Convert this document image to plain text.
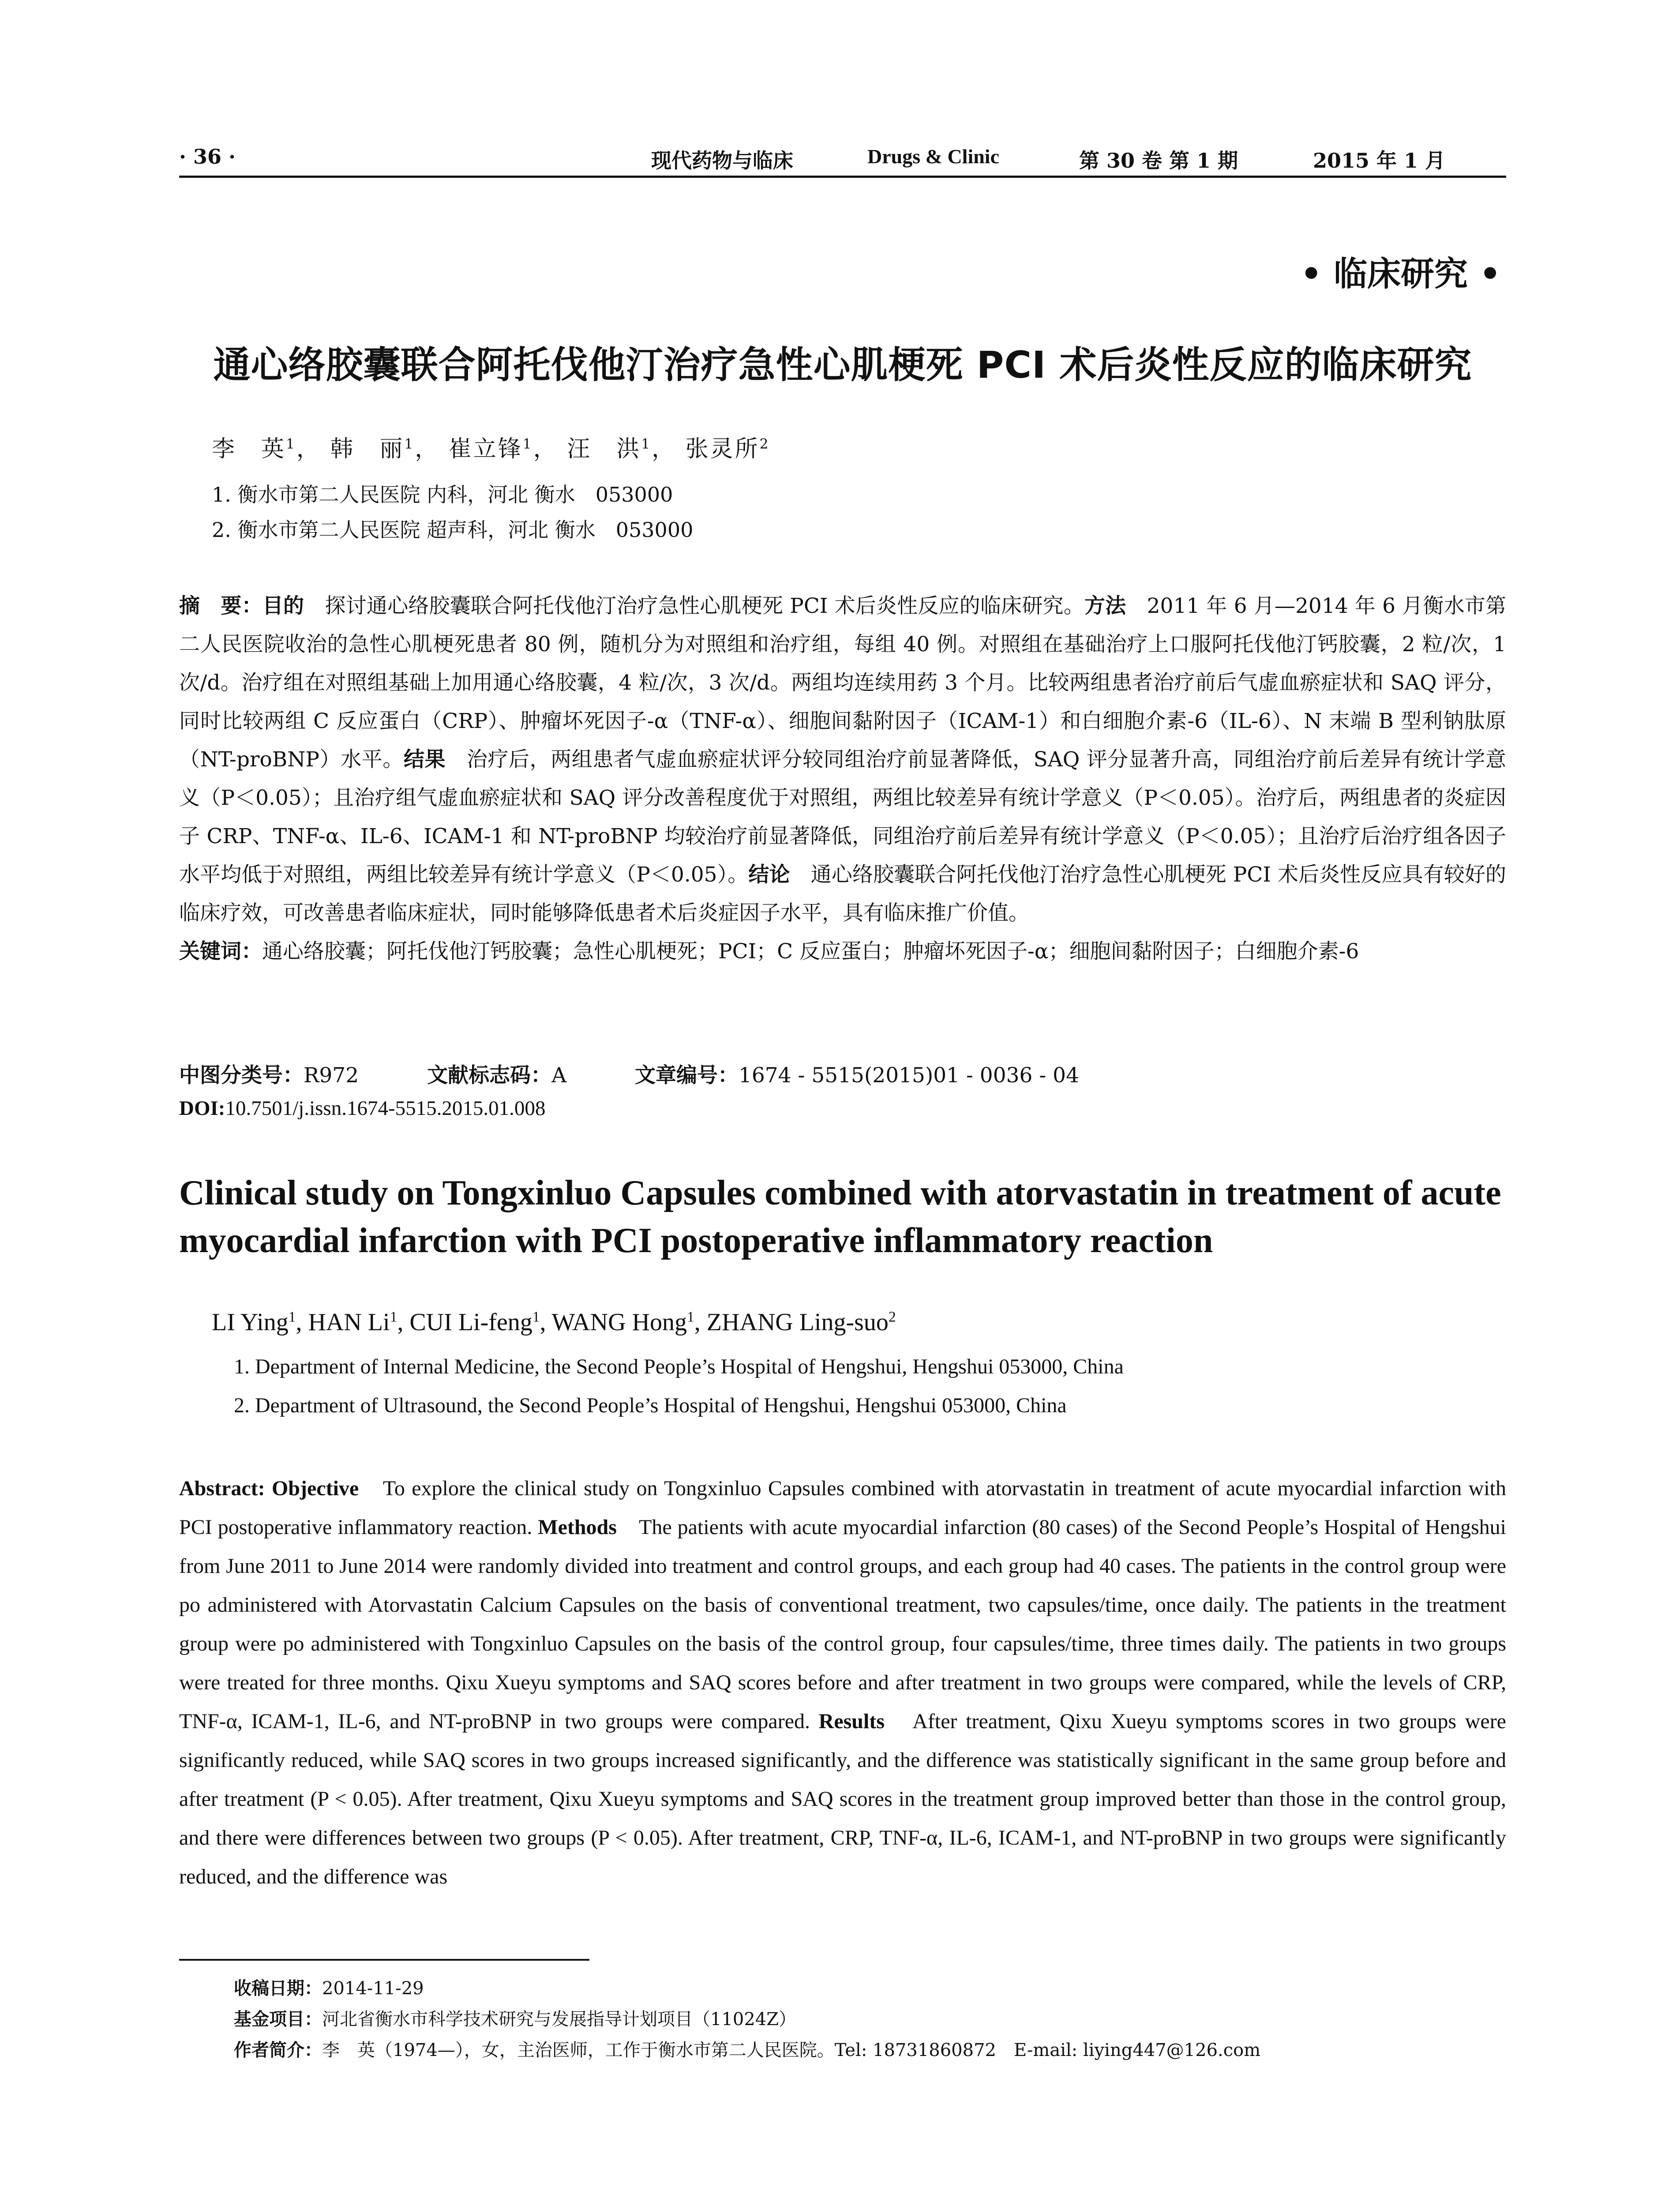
· 36 ·	现代药物与临床	Drugs & Clinic	第 30 卷 第 1 期	2015 年 1 月
• 临床研究 •
通心络胶囊联合阿托伐他汀治疗急性心肌梗死 PCI 术后炎性反应的临床研究
李　英$^1$， 韩　丽$^1$， 崔立锋$^1$， 汪　洪$^1$， 张灵所$^2$
1. 衡水市第二人民医院 内科，河北 衡水　053000
2. 衡水市第二人民医院 超声科，河北 衡水　053000
摘　要：目的　探讨通心络胶囊联合阿托伐他汀治疗急性心肌梗死 PCI 术后炎性反应的临床研究。方法　2011 年 6 月—2014 年 6 月衡水市第二人民医院收治的急性心肌梗死患者 80 例，随机分为对照组和治疗组，每组 40 例。对照组在基础治疗上口服阿托伐他汀钙胶囊，2 粒/次，1 次/d。治疗组在对照组基础上加用通心络胶囊，4 粒/次，3 次/d。两组均连续用药 3 个月。比较两组患者治疗前后气虚血瘀症状和 SAQ 评分，同时比较两组 C 反应蛋白（CRP）、肿瘤坏死因子-α（TNF-α）、细胞间黏附因子（ICAM-1）和白细胞介素-6（IL-6）、N 末端 B 型利钠肽原（NT-proBNP）水平。结果　治疗后，两组患者气虚血瘀症状评分较同组治疗前显著降低，SAQ 评分显著升高，同组治疗前后差异有统计学意义（P＜0.05）；且治疗组气虚血瘀症状和 SAQ 评分改善程度优于对照组，两组比较差异有统计学意义（P＜0.05）。治疗后，两组患者的炎症因子 CRP、TNF-α、IL-6、ICAM-1 和 NT-proBNP 均较治疗前显著降低，同组治疗前后差异有统计学意义（P＜0.05）；且治疗后治疗组各因子水平均低于对照组，两组比较差异有统计学意义（P＜0.05）。结论　通心络胶囊联合阿托伐他汀治疗急性心肌梗死 PCI 术后炎性反应具有较好的临床疗效，可改善患者临床症状，同时能够降低患者术后炎症因子水平，具有临床推广价值。
关键词：通心络胶囊；阿托伐他汀钙胶囊；急性心肌梗死；PCI；C 反应蛋白；肿瘤坏死因子-α；细胞间黏附因子；白细胞介素-6
中图分类号：R972	文献标志码：A	文章编号：1674 - 5515(2015)01 - 0036 - 04
DOI:10.7501/j.issn.1674-5515.2015.01.008
Clinical study on Tongxinluo Capsules combined with atorvastatin in treatment of acute myocardial infarction with PCI postoperative inflammatory reaction
LI Ying$^1$, HAN Li$^1$, CUI Li-feng$^1$, WANG Hong$^1$, ZHANG Ling-suo$^2$
1. Department of Internal Medicine, the Second People’s Hospital of Hengshui, Hengshui 053000, China
2. Department of Ultrasound, the Second People’s Hospital of Hengshui, Hengshui 053000, China
Abstract: Objective　To explore the clinical study on Tongxinluo Capsules combined with atorvastatin in treatment of acute myocardial infarction with PCI postoperative inflammatory reaction. Methods　The patients with acute myocardial infarction (80 cases) of the Second People’s Hospital of Hengshui from June 2011 to June 2014 were randomly divided into treatment and control groups, and each group had 40 cases. The patients in the control group were po administered with Atorvastatin Calcium Capsules on the basis of conventional treatment, two capsules/time, once daily. The patients in the treatment group were po administered with Tongxinluo Capsules on the basis of the control group, four capsules/time, three times daily. The patients in two groups were treated for three months. Qixu Xueyu symptoms and SAQ scores before and after treatment in two groups were compared, while the levels of CRP, TNF-α, ICAM-1, IL-6, and NT-proBNP in two groups were compared. Results　After treatment, Qixu Xueyu symptoms scores in two groups were significantly reduced, while SAQ scores in two groups increased significantly, and the difference was statistically significant in the same group before and after treatment (P < 0.05). After treatment, Qixu Xueyu symptoms and SAQ scores in the treatment group improved better than those in the control group, and there were differences between two groups (P < 0.05). After treatment, CRP, TNF-α, IL-6, ICAM-1, and NT-proBNP in two groups were significantly reduced, and the difference was
收稿日期：2014-11-29
基金项目：河北省衡水市科学技术研究与发展指导计划项目（11024Z）
作者简介：李　英（1974—），女，主治医师，工作于衡水市第二人民医院。Tel: 18731860872　E-mail: liying447@126.com
